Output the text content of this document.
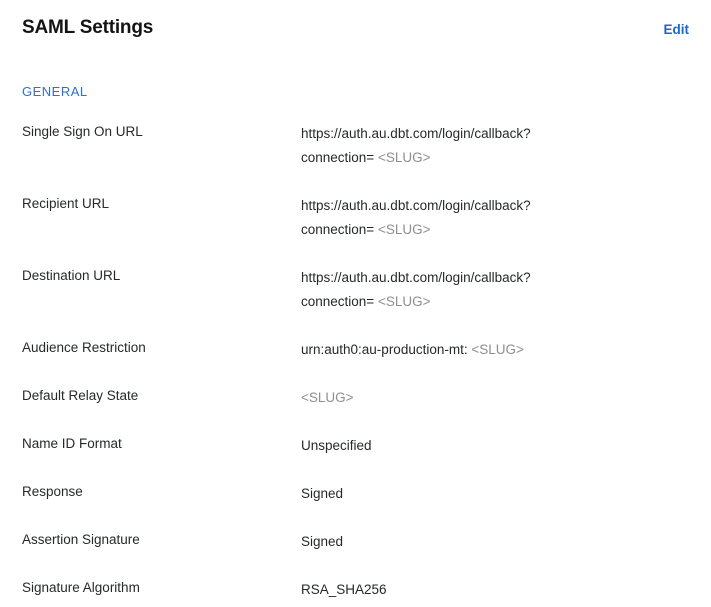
SAML Settings	Edit
GENERAL
Single Sign On URL	https://auth.au.dbt.com/login/callback?
connection= <SLUG>
Recipient URL	https://auth.au.dbt.com/login/callback?
connection= <SLUG>
Destination URL	https://auth.au.dbt.com/login/callback?
connection= <SLUG>
Audience Restriction	urn:auth0:au-production-mt: <SLUG>
Default Relay State	<SLUG>
Name ID Format	Unspecified
Response	Signed
Assertion Signature	Signed
Signature Algorithm	RSA_SHA256
